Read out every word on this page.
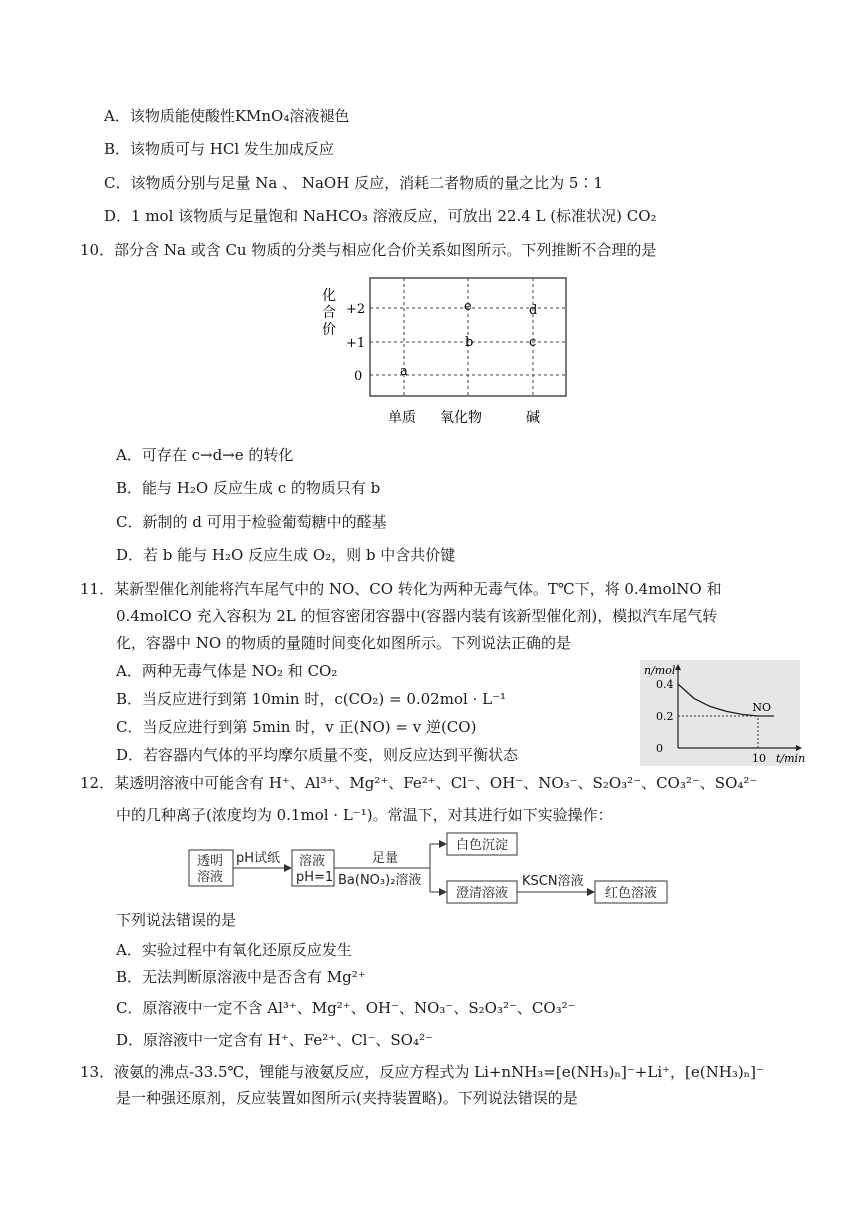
A．该物质能使酸性KMnO₄溶液褪色
B．该物质可与 HCl 发生加成反应
C．该物质分别与足量 Na 、 NaOH 反应，消耗二者物质的量之比为 5∶1
D．1 mol 该物质与足量饱和 NaHCO₃ 溶液反应，可放出 22.4 L (标准状况) CO₂
10．部分含 Na 或含 Cu 物质的分类与相应化合价关系如图所示。下列推断不合理的是
化
合
价
+2
+1
0
单质 氧化物	碱
a
b
e
c
d
A．可存在 c→d→e 的转化
B．能与 H₂O 反应生成 c 的物质只有 b
C．新制的 d 可用于检验葡萄糖中的醛基
D．若 b 能与 H₂O 反应生成 O₂，则 b 中含共价键
11．某新型催化剂能将汽车尾气中的 NO、CO 转化为两种无毒气体。T℃下，将 0.4molNO 和
0.4molCO 充入容积为 2L 的恒容密闭容器中(容器内装有该新型催化剂)，模拟汽车尾气转
化，容器中 NO 的物质的量随时间变化如图所示。下列说法正确的是
A．两种无毒气体是 NO₂ 和 CO₂
B．当反应进行到第 10min 时，c(CO₂) = 0.02mol · L⁻¹
C．当反应进行到第 5min 时，v 正(NO) = v 逆(CO)
D．若容器内气体的平均摩尔质量不变，则反应达到平衡状态
n/mol
t/min
0.4
0.2
0
10
NO
12．某透明溶液中可能含有 H⁺、Al³⁺、Mg²⁺、Fe²⁺、Cl⁻、OH⁻、NO₃⁻、S₂O₃²⁻、CO₃²⁻、SO₄²⁻
中的几种离子(浓度均为 0.1mol · L⁻¹)。常温下，对其进行如下实验操作：
透明
溶液
pH试纸 溶液
pH=1
足量
Ba(NO₃)₂溶液
白色沉淀
澄清溶液
KSCN溶液
红色溶液
下列说法错误的是
A．实验过程中有氧化还原反应发生
B．无法判断原溶液中是否含有 Mg²⁺
C．原溶液中一定不含 Al³⁺、Mg²⁺、OH⁻、NO₃⁻、S₂O₃²⁻、CO₃²⁻
D．原溶液中一定含有 H⁺、Fe²⁺、Cl⁻、SO₄²⁻
13．液氨的沸点-33.5℃，锂能与液氨反应，反应方程式为 Li+nNH₃=[e(NH₃)ₙ]⁻+Li⁺，[e(NH₃)ₙ]⁻
是一种强还原剂，反应装置如图所示(夹持装置略)。下列说法错误的是
